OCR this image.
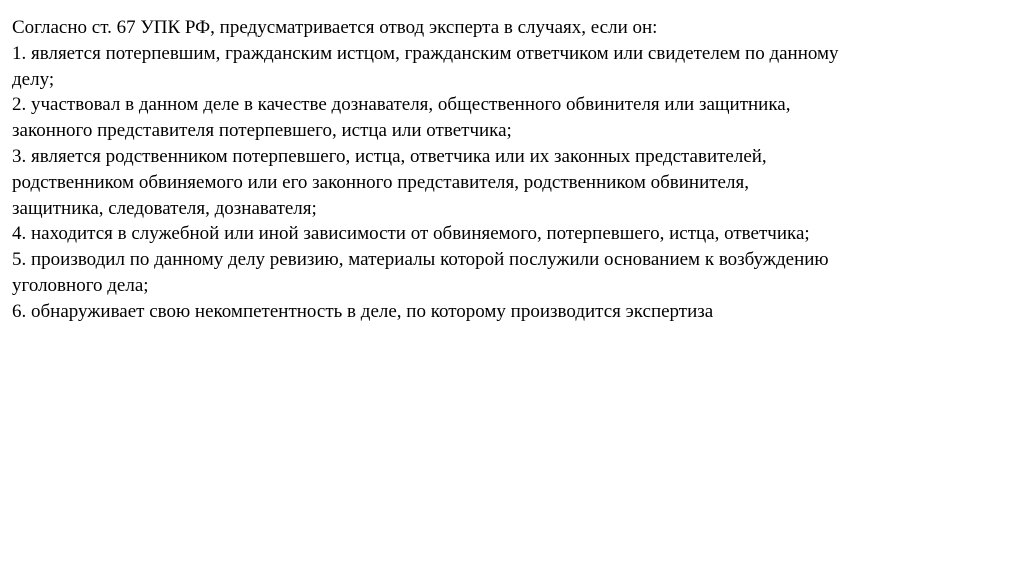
Согласно ст. 67 УПК РФ, предусматривается отвод эксперта в случаях, если он:
1. является потерпевшим, гражданским истцом, гражданским ответчиком или свидетелем по данному
делу;
2. участвовал в данном деле в качестве дознавателя, общественного обвинителя или защитника,
законного представителя потерпевшего, истца или ответчика;
3. является родственником потерпевшего, истца, ответчика или их законных представителей,
родственником обвиняемого или его законного представителя, родственником обвинителя,
защитника, следователя, дознавателя;
4. находится в служебной или иной зависимости от обвиняемого, потерпевшего, истца, ответчика;
5. производил по данному делу ревизию, материалы которой послужили основанием к возбуждению
уголовного дела;
6. обнаруживает свою некомпетентность в деле, по которому производится экспертиза
